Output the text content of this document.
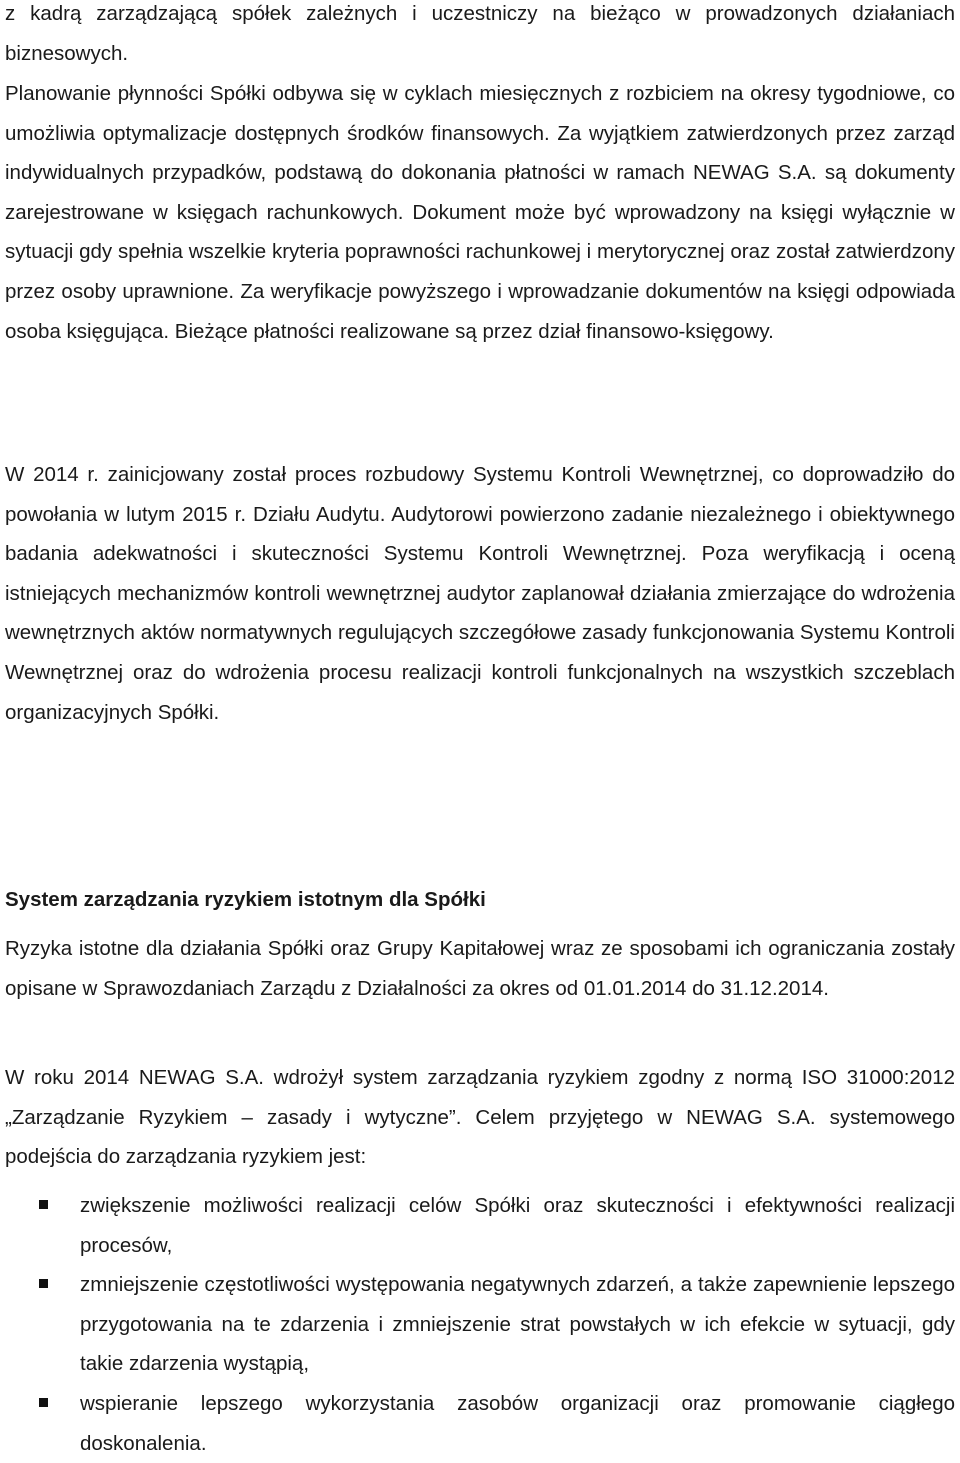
z kadrą zarządzającą spółek zależnych i uczestniczy na bieżąco w prowadzonych działaniach biznesowych.

Planowanie płynności Spółki odbywa się w cyklach miesięcznych z rozbiciem na okresy tygodniowe, co umożliwia optymalizacje dostępnych środków finansowych. Za wyjątkiem zatwierdzonych przez zarząd indywidualnych przypadków, podstawą do dokonania płatności w ramach NEWAG S.A. są dokumenty zarejestrowane w księgach rachunkowych. Dokument może być wprowadzony na księgi wyłącznie w sytuacji gdy spełnia wszelkie kryteria poprawności rachunkowej i merytorycznej oraz został zatwierdzony przez osoby uprawnione. Za weryfikacje powyższego i wprowadzanie dokumentów na księgi odpowiada osoba księgująca. Bieżące płatności realizowane są przez dział finansowo-księgowy.

W 2014 r. zainicjowany został proces rozbudowy Systemu Kontroli Wewnętrznej, co doprowadziło do powołania w lutym 2015 r. Działu Audytu. Audytorowi powierzono zadanie niezależnego i obiektywnego badania adekwatności i skuteczności Systemu Kontroli Wewnętrznej. Poza weryfikacją i oceną istniejących mechanizmów kontroli wewnętrznej audytor zaplanował działania zmierzające do wdrożenia wewnętrznych aktów normatywnych regulujących szczegółowe zasady funkcjonowania Systemu Kontroli Wewnętrznej oraz do wdrożenia procesu realizacji kontroli funkcjonalnych na wszystkich szczeblach organizacyjnych Spółki.

System zarządzania ryzykiem istotnym dla Spółki

Ryzyka istotne dla działania Spółki oraz Grupy Kapitałowej wraz ze sposobami ich ograniczania zostały opisane w Sprawozdaniach Zarządu z Działalności za okres od 01.01.2014 do 31.12.2014.

W roku 2014 NEWAG S.A. wdrożył system zarządzania ryzykiem zgodny z normą ISO 31000:2012 „Zarządzanie Ryzykiem – zasady i wytyczne”. Celem przyjętego w NEWAG S.A. systemowego podejścia do zarządzania ryzykiem jest:

zwiększenie możliwości realizacji celów Spółki oraz skuteczności i efektywności realizacji procesów,
zmniejszenie częstotliwości występowania negatywnych zdarzeń, a także zapewnienie lepszego przygotowania na te zdarzenia i zmniejszenie strat powstałych w ich efekcie w sytuacji, gdy takie zdarzenia wystąpią,
wspieranie lepszego wykorzystania zasobów organizacji oraz promowanie ciągłego doskonalenia.
